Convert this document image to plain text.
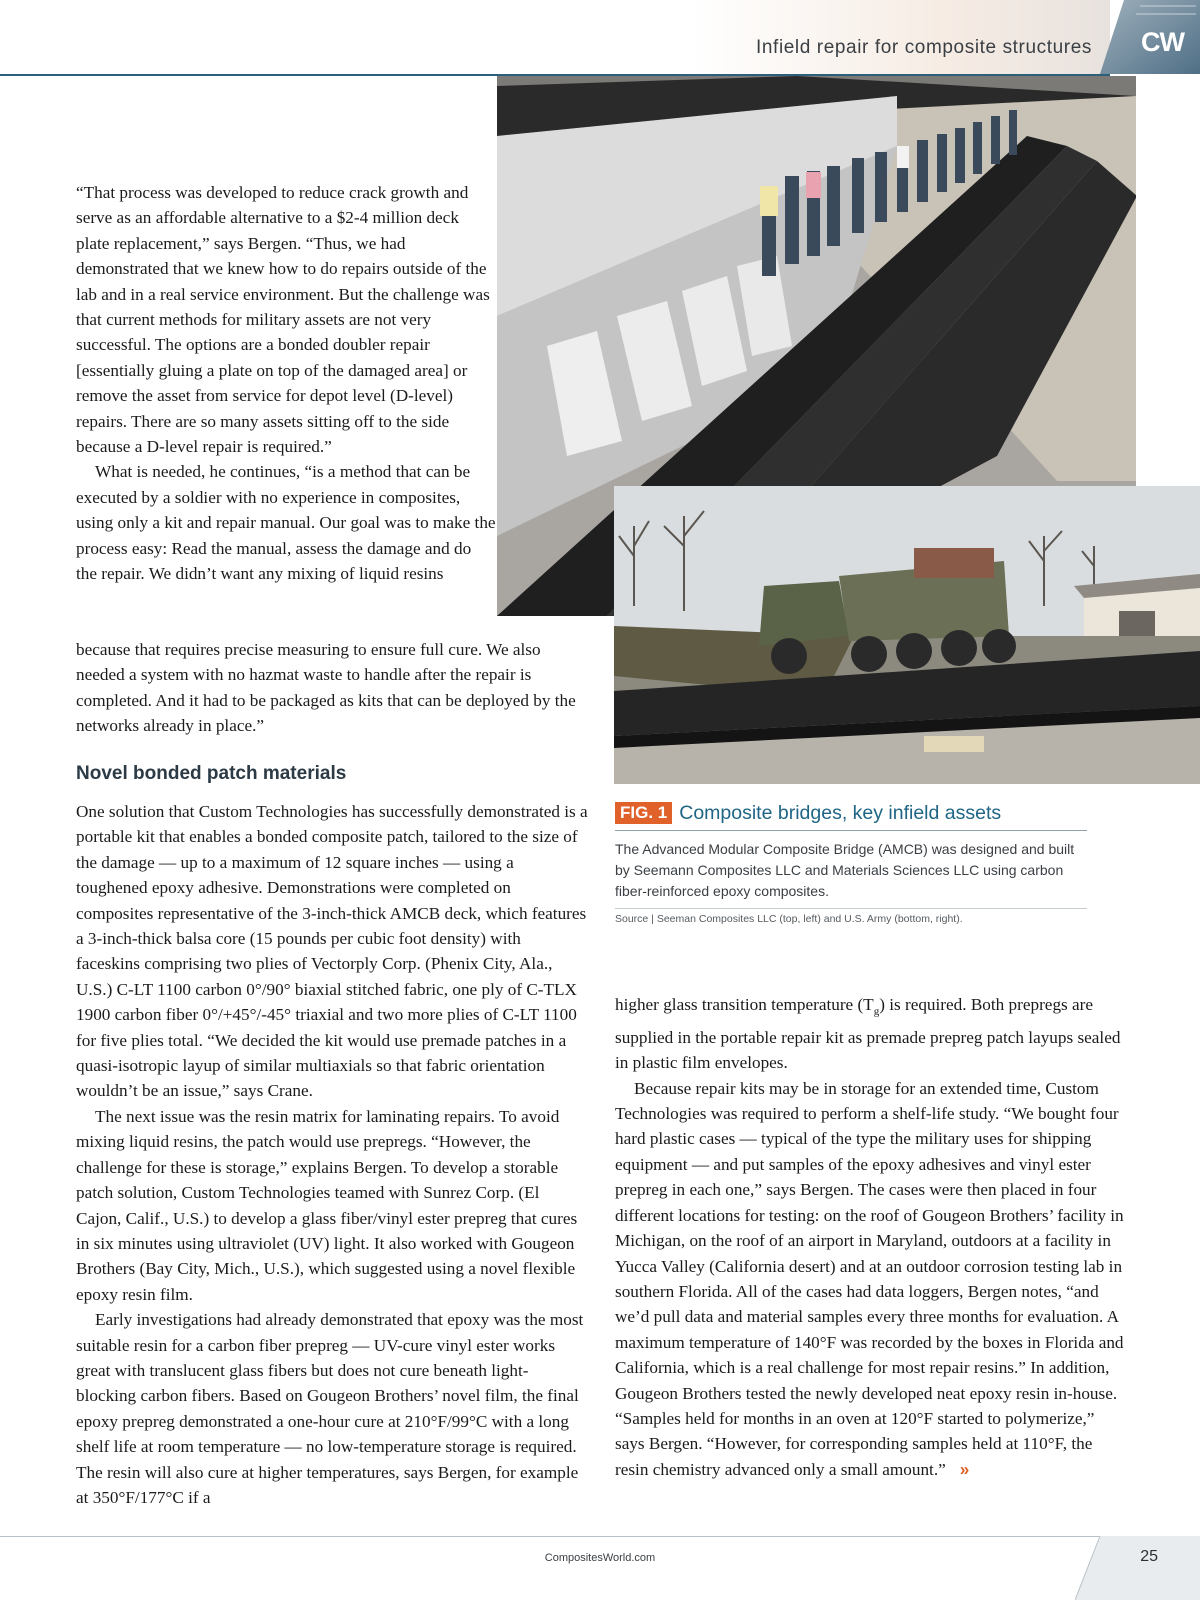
Infield repair for composite structures CW

“That process was developed to reduce crack growth and serve as an affordable alternative to a $2-4 million deck plate replacement,” says Bergen. “Thus, we had demonstrated that we knew how to do repairs outside of the lab and in a real service environment. But the challenge was that current methods for military assets are not very successful. The options are a bonded doubler repair [essentially gluing a plate on top of the damaged area] or remove the asset from service for depot level (D-level) repairs. There are so many assets sitting off to the side because a D-level repair is required.”

What is needed, he continues, “is a method that can be executed by a soldier with no experience in composites, using only a kit and repair manual. Our goal was to make the process easy: Read the manual, assess the damage and do the repair. We didn’t want any mixing of liquid resins

because that requires precise measuring to ensure full cure. We also needed a system with no hazmat waste to handle after the repair is completed. And it had to be packaged as kits that can be deployed by the networks already in place.”

Novel bonded patch materials

One solution that Custom Technologies has successfully demonstrated is a portable kit that enables a bonded composite patch, tailored to the size of the damage — up to a maximum of 12 square inches — using a toughened epoxy adhesive. Demonstrations were completed on composites representative of the 3-inch-thick AMCB deck, which features a 3-inch-thick balsa core (15 pounds per cubic foot density) with faceskins comprising two plies of Vectorply Corp. (Phenix City, Ala., U.S.) C-LT 1100 carbon 0°/90° biaxial stitched fabric, one ply of C-TLX 1900 carbon fiber 0°/+45°/-45° triaxial and two more plies of C-LT 1100 for five plies total. “We decided the kit would use premade patches in a quasi-isotropic layup of similar multiaxials so that fabric orientation wouldn’t be an issue,” says Crane.

The next issue was the resin matrix for laminating repairs. To avoid mixing liquid resins, the patch would use prepregs. “However, the challenge for these is storage,” explains Bergen. To develop a storable patch solution, Custom Technologies teamed with Sunrez Corp. (El Cajon, Calif., U.S.) to develop a glass fiber/vinyl ester prepreg that cures in six minutes using ultraviolet (UV) light. It also worked with Gougeon Brothers (Bay City, Mich., U.S.), which suggested using a novel flexible epoxy resin film.

Early investigations had already demonstrated that epoxy was the most suitable resin for a carbon fiber prepreg — UV-cure vinyl ester works great with translucent glass fibers but does not cure beneath light-blocking carbon fibers. Based on Gougeon Brothers’ novel film, the final epoxy prepreg demonstrated a one-hour cure at 210°F/99°C with a long shelf life at room temperature — no low-temperature storage is required. The resin will also cure at higher temperatures, says Bergen, for example at 350°F/177°C if a

FIG. 1 Composite bridges, key infield assets
The Advanced Modular Composite Bridge (AMCB) was designed and built by Seemann Composites LLC and Materials Sciences LLC using carbon fiber-reinforced epoxy composites.
Source | Seeman Composites LLC (top, left) and U.S. Army (bottom, right).

higher glass transition temperature $(T_g)$ is required. Both prepregs are supplied in the portable repair kit as premade prepreg patch layups sealed in plastic film envelopes.

Because repair kits may be in storage for an extended time, Custom Technologies was required to perform a shelf-life study. “We bought four hard plastic cases — typical of the type the military uses for shipping equipment — and put samples of the epoxy adhesives and vinyl ester prepreg in each one,” says Bergen. The cases were then placed in four different locations for testing: on the roof of Gougeon Brothers’ facility in Michigan, on the roof of an airport in Maryland, outdoors at a facility in Yucca Valley (California desert) and at an outdoor corrosion testing lab in southern Florida. All of the cases had data loggers, Bergen notes, “and we’d pull data and material samples every three months for evaluation. A maximum temperature of 140°F was recorded by the boxes in Florida and California, which is a real challenge for most repair resins.” In addition, Gougeon Brothers tested the newly developed neat epoxy resin in-house. “Samples held for months in an oven at 120°F started to polymerize,” says Bergen. “However, for corresponding samples held at 110°F, the resin chemistry advanced only a small amount.” »

CompositesWorld.com	25
